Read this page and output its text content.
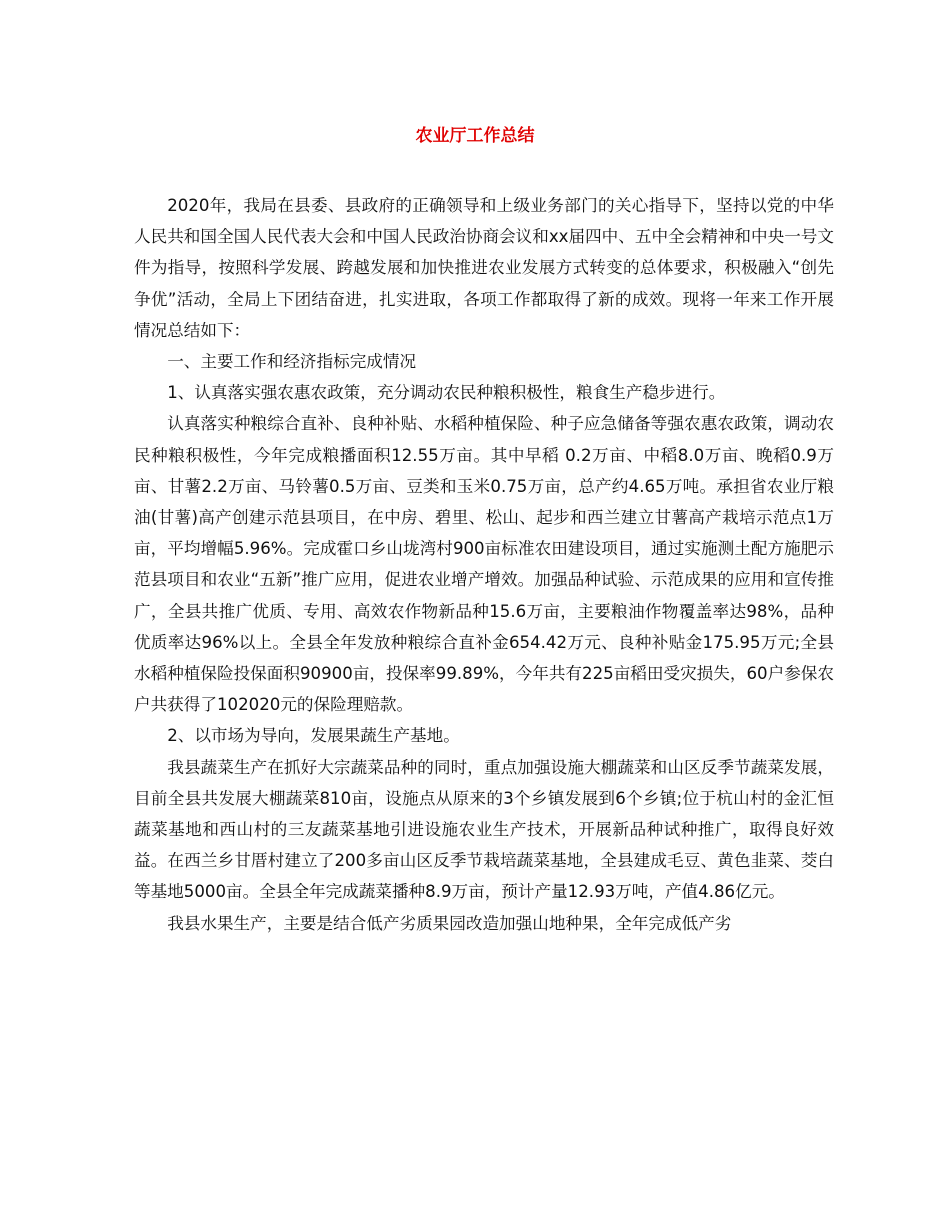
农业厅工作总结

2020年，我局在县委、县政府的正确领导和上级业务部门的关心指导下，坚持以党的中华人民共和国全国人民代表大会和中国人民政治协商会议和xx届四中、五中全会精神和中央一号文件为指导，按照科学发展、跨越发展和加快推进农业发展方式转变的总体要求，积极融入“创先争优”活动，全局上下团结奋进，扎实进取，各项工作都取得了新的成效。现将一年来工作开展情况总结如下：

一、主要工作和经济指标完成情况

1、认真落实强农惠农政策，充分调动农民种粮积极性，粮食生产稳步进行。

认真落实种粮综合直补、良种补贴、水稻种植保险、种子应急储备等强农惠农政策，调动农民种粮积极性，今年完成粮播面积12.55万亩。其中早稻 0.2万亩、中稻8.0万亩、晚稻0.9万亩、甘薯2.2万亩、马铃薯0.5万亩、豆类和玉米0.75万亩，总产约4.65万吨。承担省农业厅粮油(甘薯)高产创建示范县项目，在中房、碧里、松山、起步和西兰建立甘薯高产栽培示范点1万亩，平均增幅5.96%。完成霍口乡山垅湾村900亩标准农田建设项目，通过实施测土配方施肥示范县项目和农业“五新”推广应用，促进农业增产增效。加强品种试验、示范成果的应用和宣传推广，全县共推广优质、专用、高效农作物新品种15.6万亩，主要粮油作物覆盖率达98%，品种优质率达96%以上。全县全年发放种粮综合直补金654.42万元、良种补贴金175.95万元;全县水稻种植保险投保面积90900亩，投保率99.89%，今年共有225亩稻田受灾损失，60户参保农户共获得了102020元的保险理赔款。

2、以市场为导向，发展果蔬生产基地。

我县蔬菜生产在抓好大宗蔬菜品种的同时，重点加强设施大棚蔬菜和山区反季节蔬菜发展，目前全县共发展大棚蔬菜810亩，设施点从原来的3个乡镇发展到6个乡镇;位于杭山村的金汇恒蔬菜基地和西山村的三友蔬菜基地引进设施农业生产技术，开展新品种试种推广，取得良好效益。在西兰乡甘厝村建立了200多亩山区反季节栽培蔬菜基地，全县建成毛豆、黄色韭菜、茭白等基地5000亩。全县全年完成蔬菜播种8.9万亩，预计产量12.93万吨，产值4.86亿元。

我县水果生产，主要是结合低产劣质果园改造加强山地种果，全年完成低产劣
